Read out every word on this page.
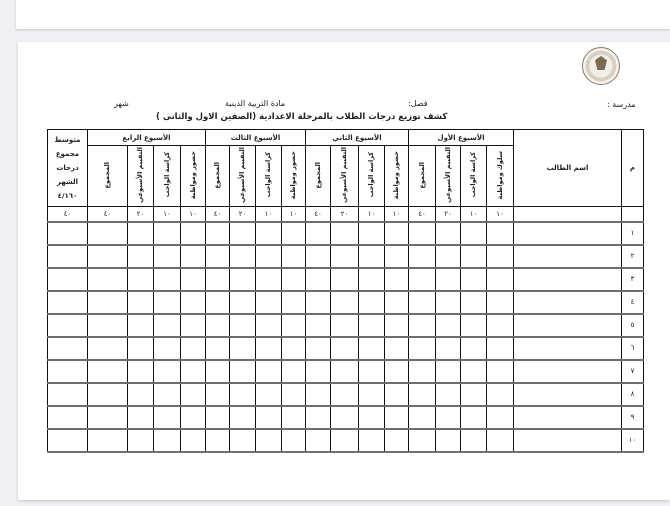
مدرسة :
فصل:
مادة التربية الدينية
شهر
كشف توزيع درجات الطلاب بالمرحلة الاعدادية (الصفين الاول والثانى )
متوسط مجموع درجات الشهر ٤/١٦٠	الأسبوع الرابع				الأسبوع الثالث				الأسبوع الثاني				الأسبوع الأول				اسم الطالب	م
	المجموع	التقييم الأسبوعي	كراسة الواجب	حضور ومواظبة	المجموع	التقييم الأسبوعي	كراسة الواجب	حضور ومواظبة	المجموع	التقييم الأسبوعي	كراسة الواجب	حضور ومواظبة	المجموع	التقييم الأسبوعي	كراسة الواجب	سلوك ومواظبة		
٤٠	٤٠	٢٠	١٠	١٠	٤٠	٢٠	١٠	١٠	٤٠	٢٠	١٠	١٠	٤٠	٢٠	١٠	١٠		
																		١
																		٢
																		٣
																		٤
																		٥
																		٦
																		٧
																		٨
																		٩
																		١٠
